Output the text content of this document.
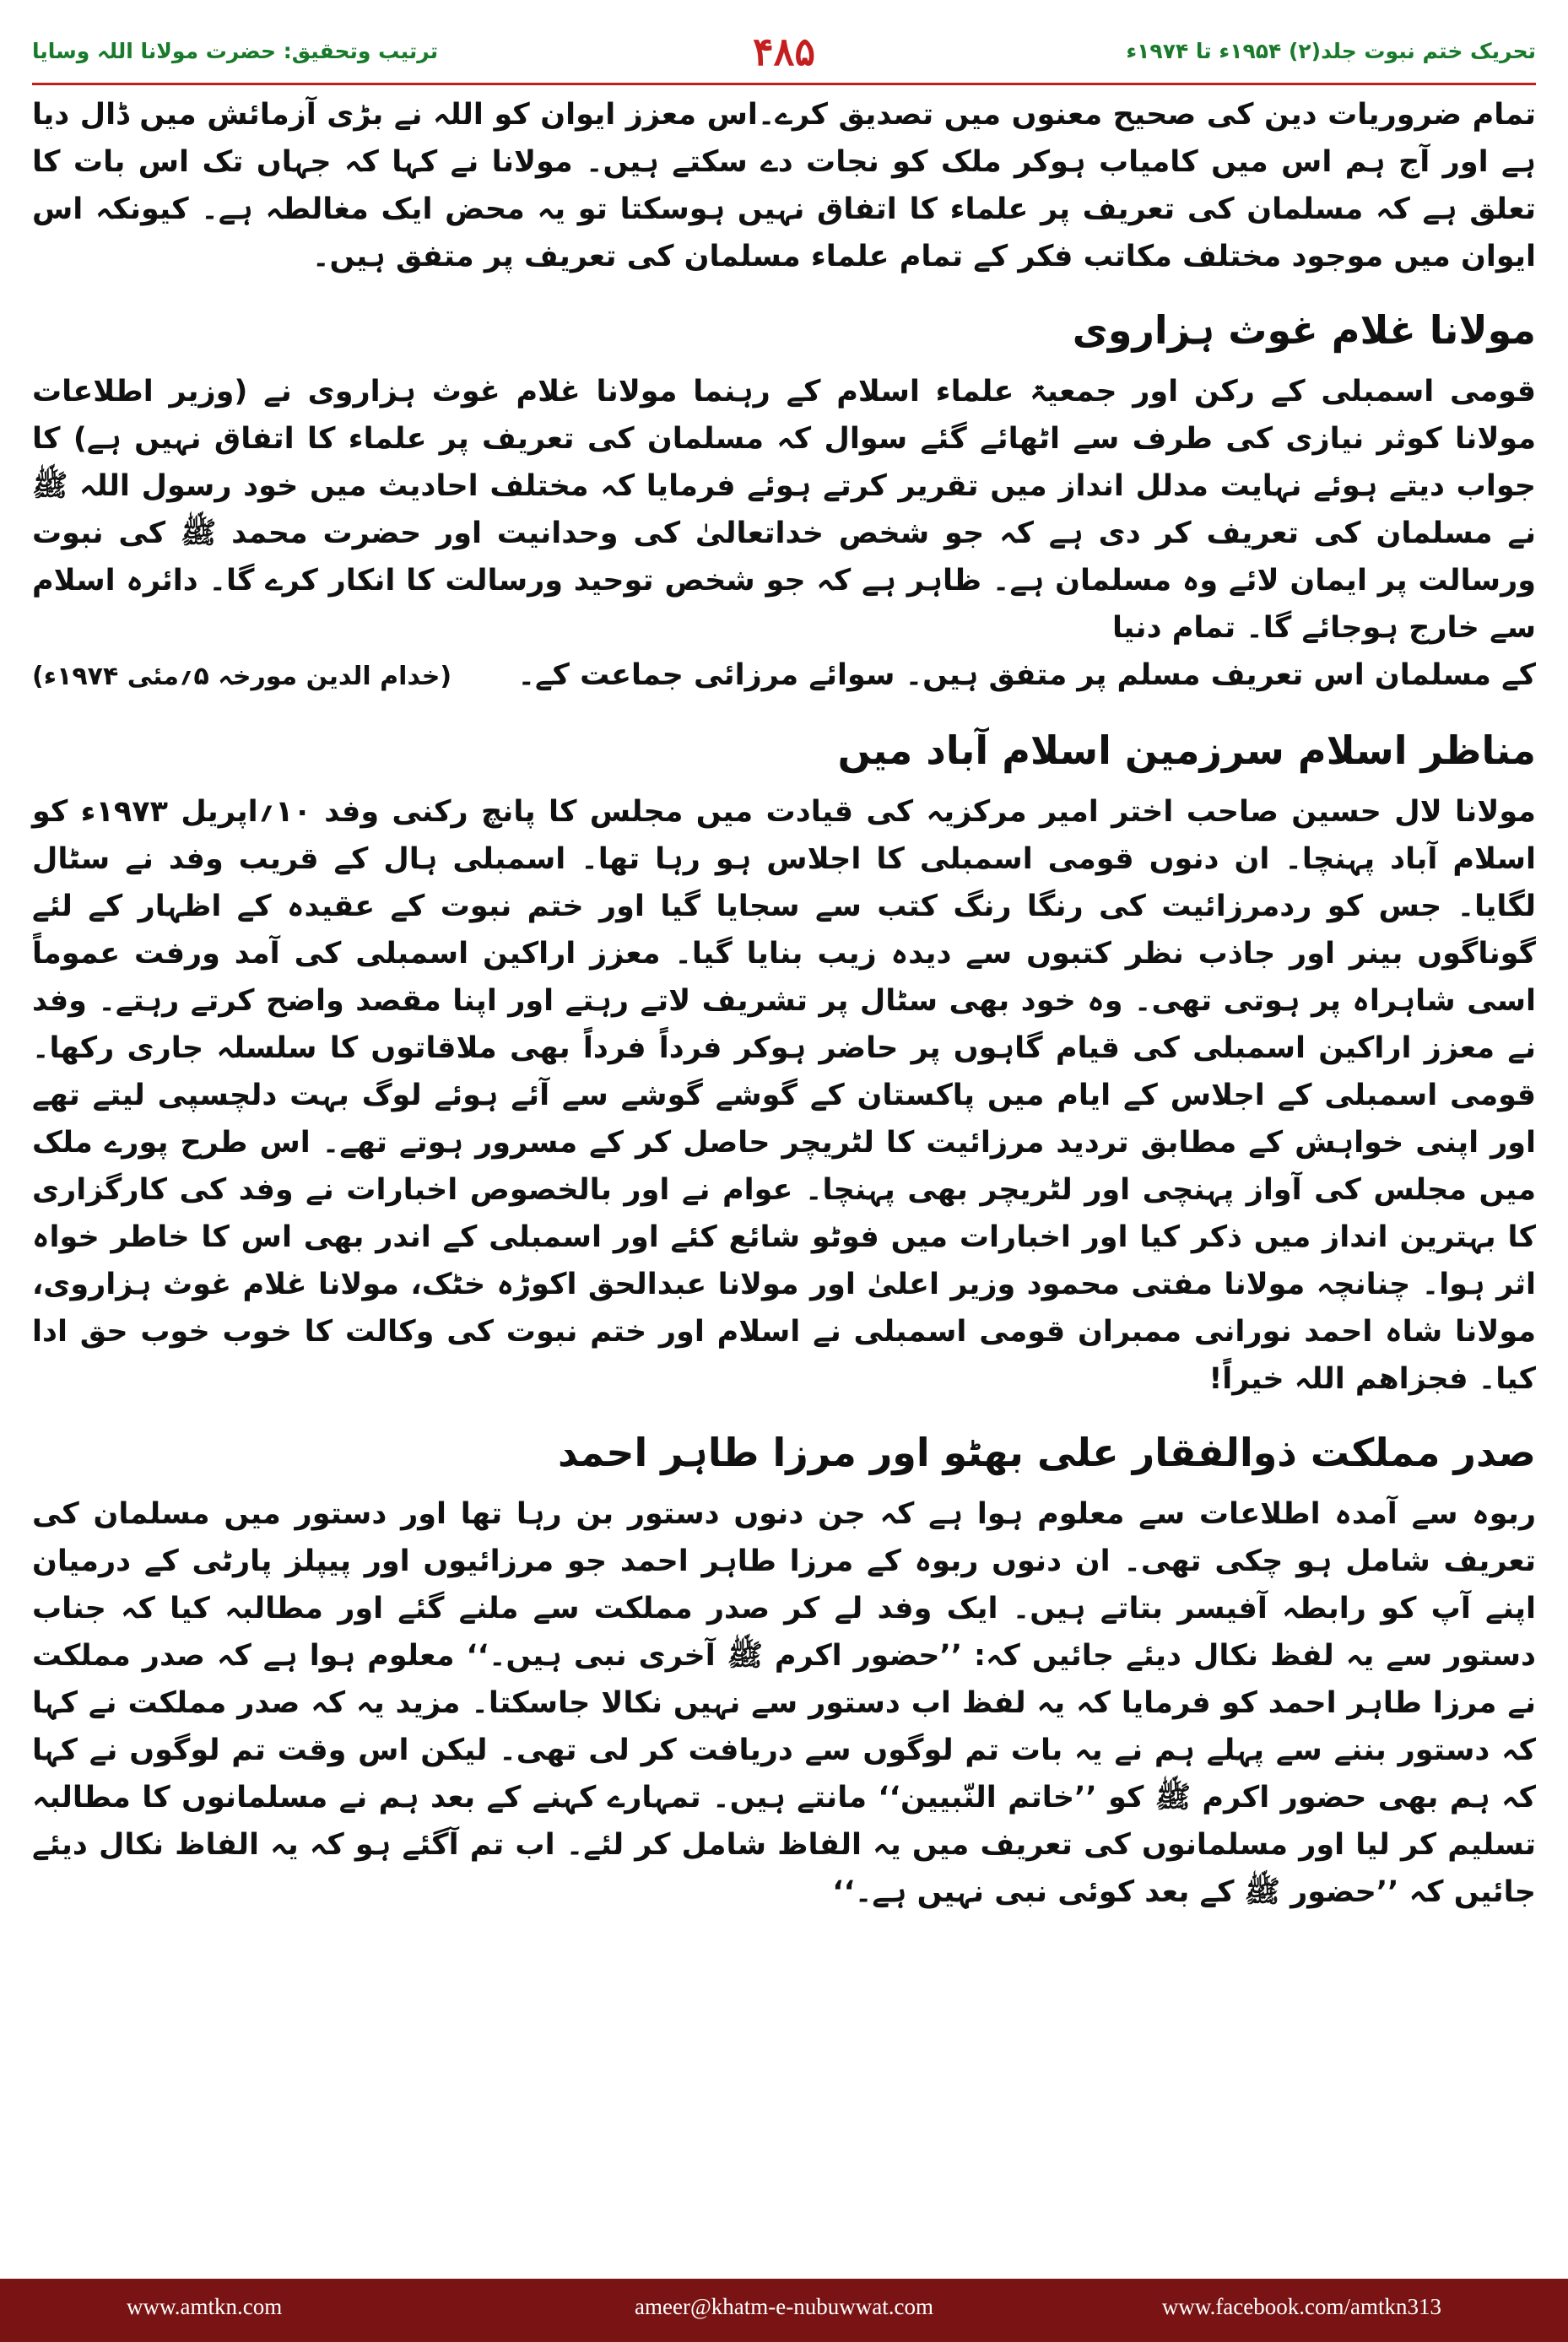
ترتیب وتحقیق: حضرت مولانا اللہ وسایا	۴۸۵	تحریک ختم نبوت جلد(۲) ۱۹۵۴ء تا ۱۹۷۴ء

تمام ضروریات دین کی صحیح معنوں میں تصدیق کرے۔اس معزز ایوان کو اللہ نے بڑی آزمائش میں ڈال دیا ہے اور آج ہم اس میں کامیاب ہوکر ملک کو نجات دے سکتے ہیں۔ مولانا نے کہا کہ جہاں تک اس بات کا تعلق ہے کہ مسلمان کی تعریف پر علماء کا اتفاق نہیں ہوسکتا تو یہ محض ایک مغالطہ ہے۔ کیونکہ اس ایوان میں موجود مختلف مکاتب فکر کے تمام علماء مسلمان کی تعریف پر متفق ہیں۔

مولانا غلام غوث ہزاروی

قومی اسمبلی کے رکن اور جمعیۃ علماء اسلام کے رہنما مولانا غلام غوث ہزاروی نے (وزیر اطلاعات مولانا کوثر نیازی کی طرف سے اٹھائے گئے سوال کہ مسلمان کی تعریف پر علماء کا اتفاق نہیں ہے) کا جواب دیتے ہوئے نہایت مدلل انداز میں تقریر کرتے ہوئے فرمایا کہ مختلف احادیث میں خود رسول اللہ ﷺ نے مسلمان کی تعریف کر دی ہے کہ جو شخص خداتعالیٰ کی وحدانیت اور حضرت محمد ﷺ کی نبوت ورسالت پر ایمان لائے وہ مسلمان ہے۔ ظاہر ہے کہ جو شخص توحید ورسالت کا انکار کرے گا۔ دائرہ اسلام سے خارج ہوجائے گا۔ تمام دنیا

کے مسلمان اس تعریف مسلم پر متفق ہیں۔ سوائے مرزائی جماعت کے۔
(خدام الدین مورخہ ۵؍مئی ۱۹۷۴ء)
مناظر اسلام سرزمین اسلام آباد میں

مولانا لال حسین صاحب اختر امیر مرکزیہ کی قیادت میں مجلس کا پانچ رکنی وفد ۱۰؍اپریل ۱۹۷۳ء کو اسلام آباد پہنچا۔ ان دنوں قومی اسمبلی کا اجلاس ہو رہا تھا۔ اسمبلی ہال کے قریب وفد نے سٹال لگایا۔ جس کو ردمرزائیت کی رنگا رنگ کتب سے سجایا گیا اور ختم نبوت کے عقیدہ کے اظہار کے لئے گوناگوں بینر اور جاذب نظر کتبوں سے دیدہ زیب بنایا گیا۔ معزز اراکین اسمبلی کی آمد ورفت عموماً اسی شاہراہ پر ہوتی تھی۔ وہ خود بھی سٹال پر تشریف لاتے رہتے اور اپنا مقصد واضح کرتے رہتے۔ وفد نے معزز اراکین اسمبلی کی قیام گاہوں پر حاضر ہوکر فرداً فرداً بھی ملاقاتوں کا سلسلہ جاری رکھا۔ قومی اسمبلی کے اجلاس کے ایام میں پاکستان کے گوشے گوشے سے آئے ہوئے لوگ بہت دلچسپی لیتے تھے اور اپنی خواہش کے مطابق تردید مرزائیت کا لٹریچر حاصل کر کے مسرور ہوتے تھے۔ اس طرح پورے ملک میں مجلس کی آواز پہنچی اور لٹریچر بھی پہنچا۔ عوام نے اور بالخصوص اخبارات نے وفد کی کارگزاری کا بہترین انداز میں ذکر کیا اور اخبارات میں فوٹو شائع کئے اور اسمبلی کے اندر بھی اس کا خاطر خواہ اثر ہوا۔ چنانچہ مولانا مفتی محمود وزیر اعلیٰ اور مولانا عبدالحق اکوڑہ خٹک، مولانا غلام غوث ہزاروی، مولانا شاہ احمد نورانی ممبران قومی اسمبلی نے اسلام اور ختم نبوت کی وکالت کا خوب خوب حق ادا کیا۔ فجزاھم اللہ خیراً!

صدر مملکت ذوالفقار علی بھٹو اور مرزا طاہر احمد

ربوہ سے آمدہ اطلاعات سے معلوم ہوا ہے کہ جن دنوں دستور بن رہا تھا اور دستور میں مسلمان کی تعریف شامل ہو چکی تھی۔ ان دنوں ربوہ کے مرزا طاہر احمد جو مرزائیوں اور پیپلز پارٹی کے درمیان اپنے آپ کو رابطہ آفیسر بتاتے ہیں۔ ایک وفد لے کر صدر مملکت سے ملنے گئے اور مطالبہ کیا کہ جناب دستور سے یہ لفظ نکال دیئے جائیں کہ: ’’حضور اکرم ﷺ آخری نبی ہیں۔‘‘ معلوم ہوا ہے کہ صدر مملکت نے مرزا طاہر احمد کو فرمایا کہ یہ لفظ اب دستور سے نہیں نکالا جاسکتا۔ مزید یہ کہ صدر مملکت نے کہا کہ دستور بننے سے پہلے ہم نے یہ بات تم لوگوں سے دریافت کر لی تھی۔ لیکن اس وقت تم لوگوں نے کہا کہ ہم بھی حضور اکرم ﷺ کو ’’خاتم النّبیین‘‘ مانتے ہیں۔ تمہارے کہنے کے بعد ہم نے مسلمانوں کا مطالبہ تسلیم کر لیا اور مسلمانوں کی تعریف میں یہ الفاظ شامل کر لئے۔ اب تم آگئے ہو کہ یہ الفاظ نکال دیئے جائیں کہ ’’حضور ﷺ کے بعد کوئی نبی نہیں ہے۔‘‘

www.amtkn.com	ameer@khatm-e-nubuwwat.com	www.facebook.com/amtkn313
